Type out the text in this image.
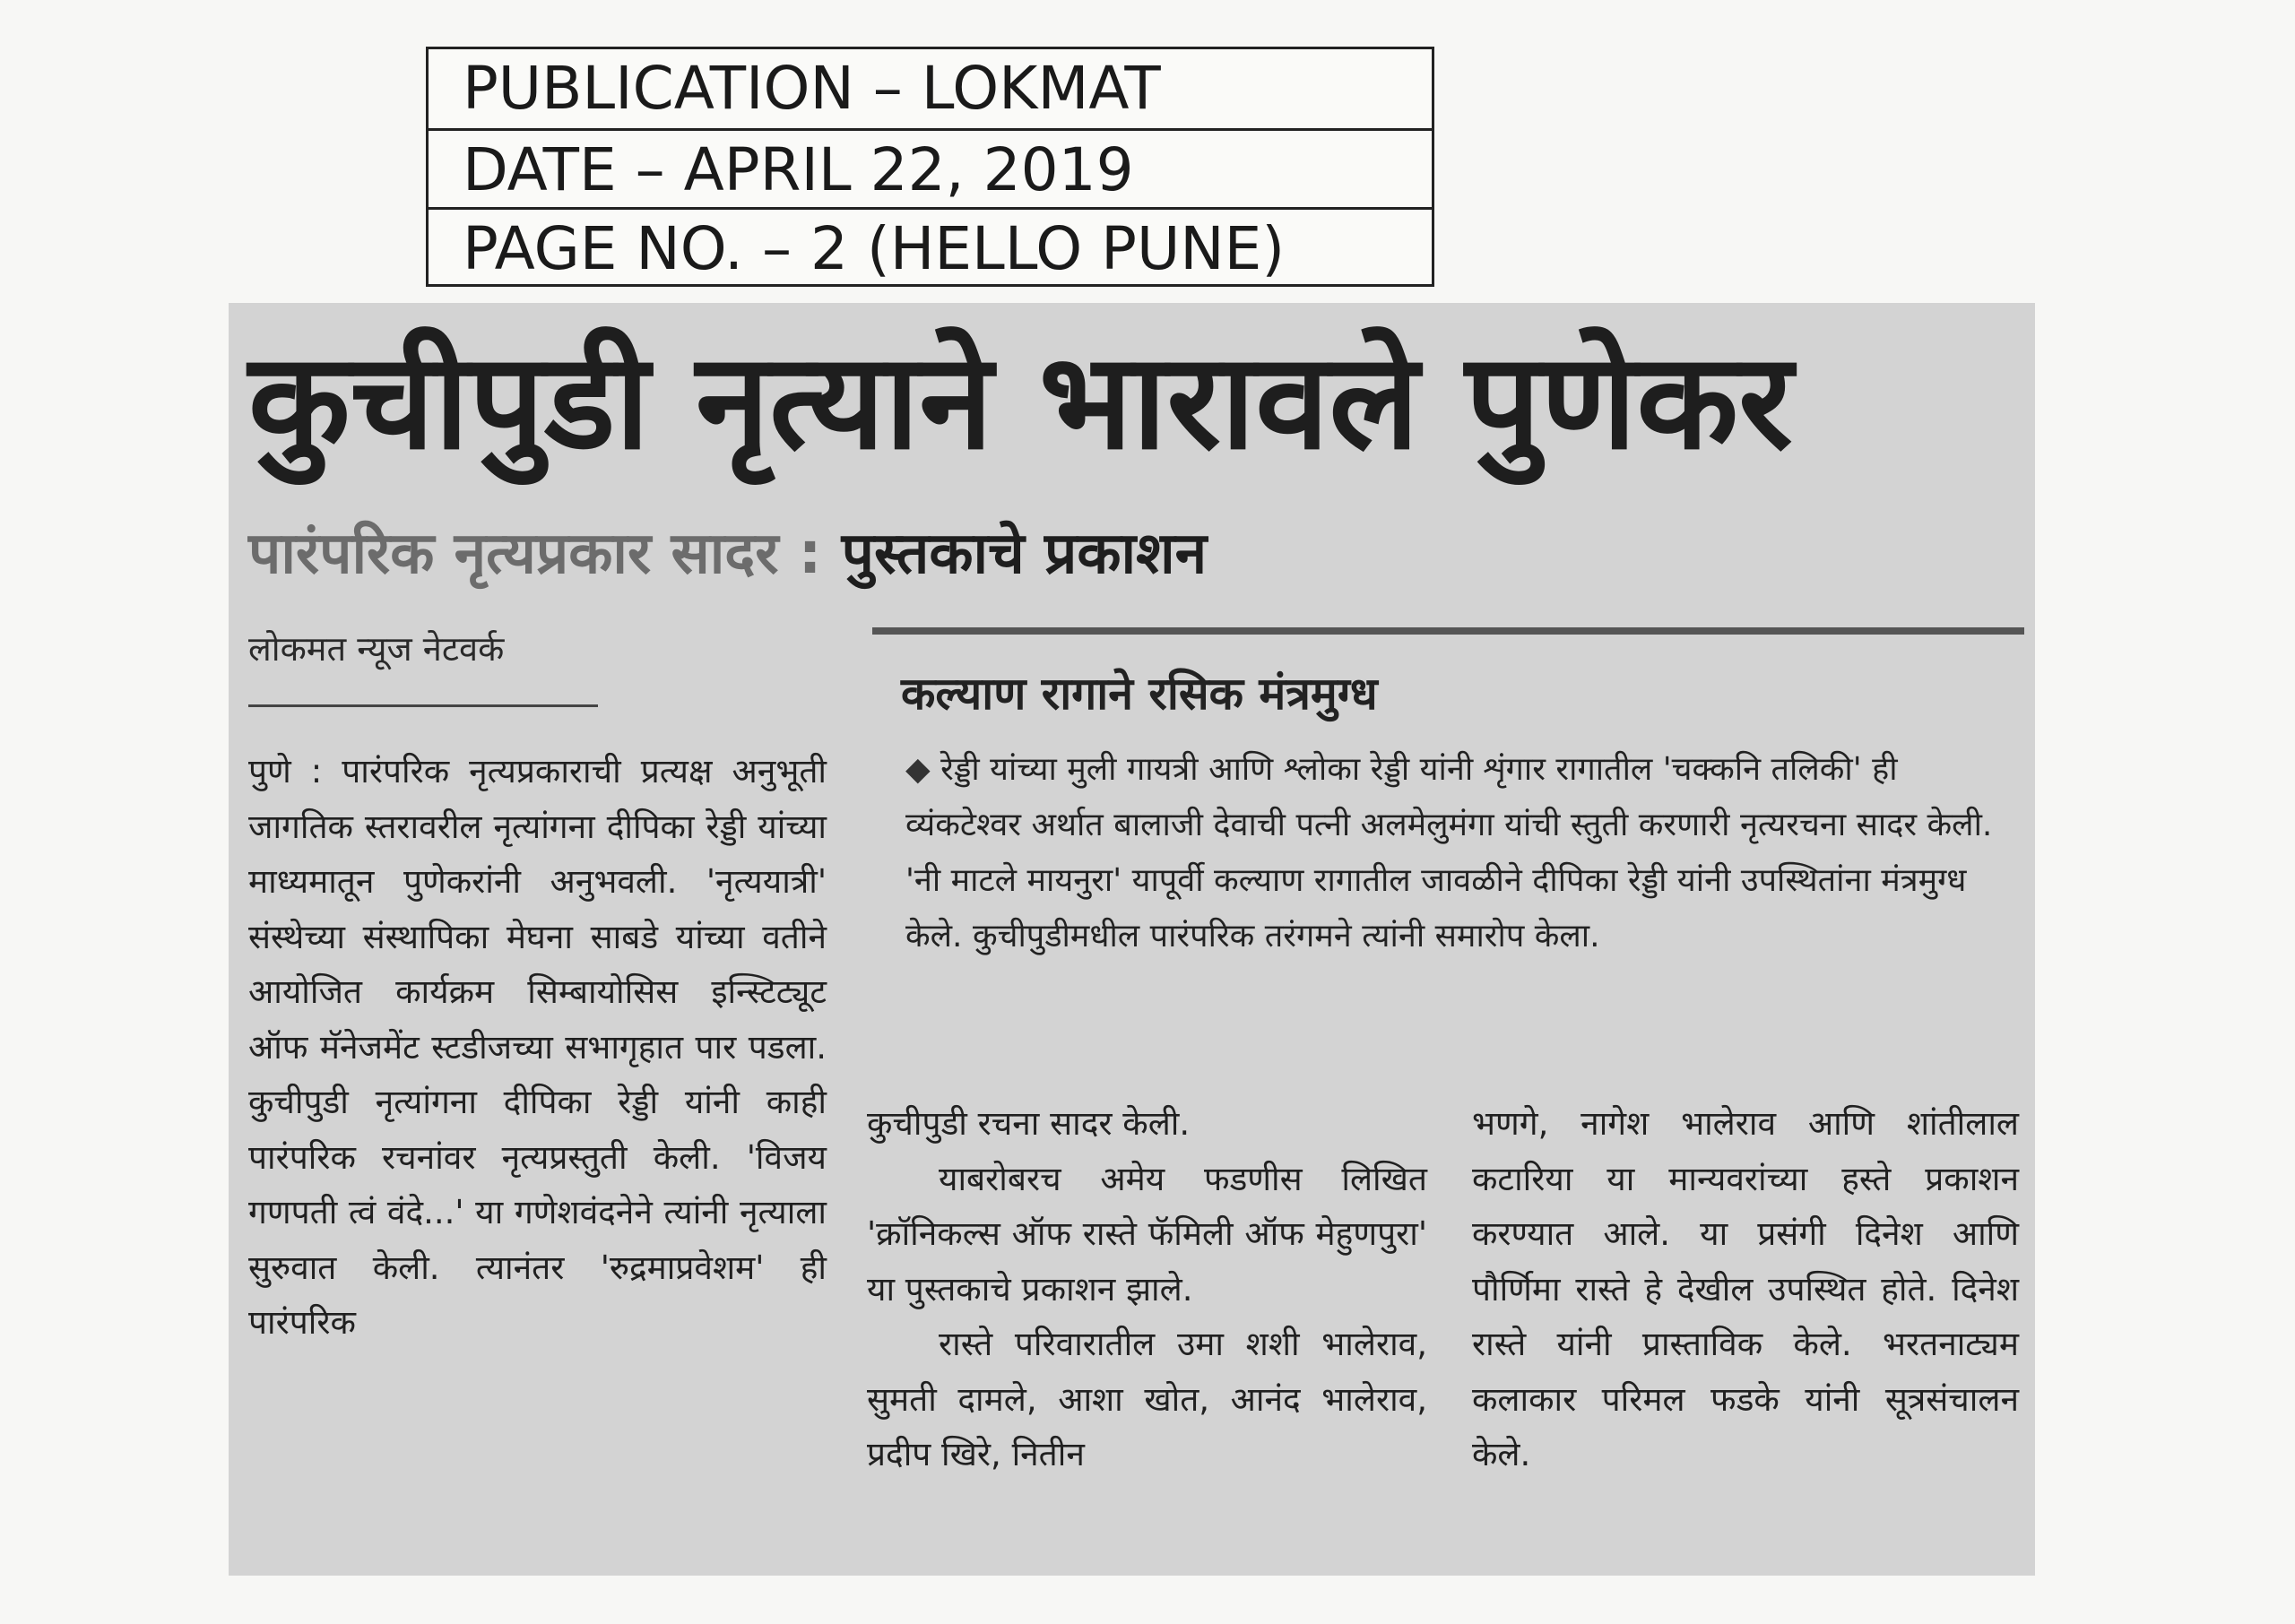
PUBLICATION – LOKMAT
DATE – APRIL 22, 2019
PAGE NO. – 2 (HELLO PUNE)
कुचीपुडी नृत्याने भारावले पुणेकर
पारंपरिक नृत्यप्रकार सादर : पुस्तकाचे प्रकाशन
लोकमत न्यूज नेटवर्क
कल्याण रागाने रसिक मंत्रमुग्ध

◆ रेड्डी यांच्या मुली गायत्री आणि श्लोका रेड्डी यांनी शृंगार रागातील 'चक्कनि तलिकी' ही व्यंकटेश्वर अर्थात बालाजी देवाची पत्नी अलमेलुमंगा यांची स्तुती करणारी नृत्यरचना सादर केली. 'नी माटले मायनुरा' यापूर्वी कल्याण रागातील जावळीने दीपिका रेड्डी यांनी उपस्थितांना मंत्रमुग्ध केले. कुचीपुडीमधील पारंपरिक तरंगमने त्यांनी समारोप केला.

पुणे : पारंपरिक नृत्यप्रकाराची प्रत्यक्ष अनुभूती जागतिक स्तरावरील नृत्यांगना दीपिका रेड्डी यांच्या माध्यमातून पुणेकरांनी अनुभवली. 'नृत्ययात्री' संस्थेच्या संस्थापिका मेघना साबडे यांच्या वतीने आयोजित कार्यक्रम सिम्बायोसिस इन्स्टिट्यूट ऑफ मॅनेजमेंट स्टडीजच्या सभागृहात पार पडला. कुचीपुडी नृत्यांगना दीपिका रेड्डी यांनी काही पारंपरिक रचनांवर नृत्यप्रस्तुती केली. 'विजय गणपती त्वं वंदे...' या गणेशवंदनेने त्यांनी नृत्याला सुरुवात केली. त्यानंतर 'रुद्रमाप्रवेशम' ही पारंपरिक

कुचीपुडी रचना सादर केली.

याबरोबरच अमेय फडणीस लिखित 'क्रॉनिकल्स ऑफ रास्ते फॅमिली ऑफ मेहुणपुरा' या पुस्तकाचे प्रकाशन झाले.

रास्ते परिवारातील उमा शशी भालेराव, सुमती दामले, आशा खोत, आनंद भालेराव, प्रदीप खिरे, नितीन

भणगे, नागेश भालेराव आणि शांतीलाल कटारिया या मान्यवरांच्या हस्ते प्रकाशन करण्यात आले. या प्रसंगी दिनेश आणि पौर्णिमा रास्ते हे देखील उपस्थित होते. दिनेश रास्ते यांनी प्रास्ताविक केले. भरतनाट्यम कलाकार परिमल फडके यांनी सूत्रसंचालन केले.
